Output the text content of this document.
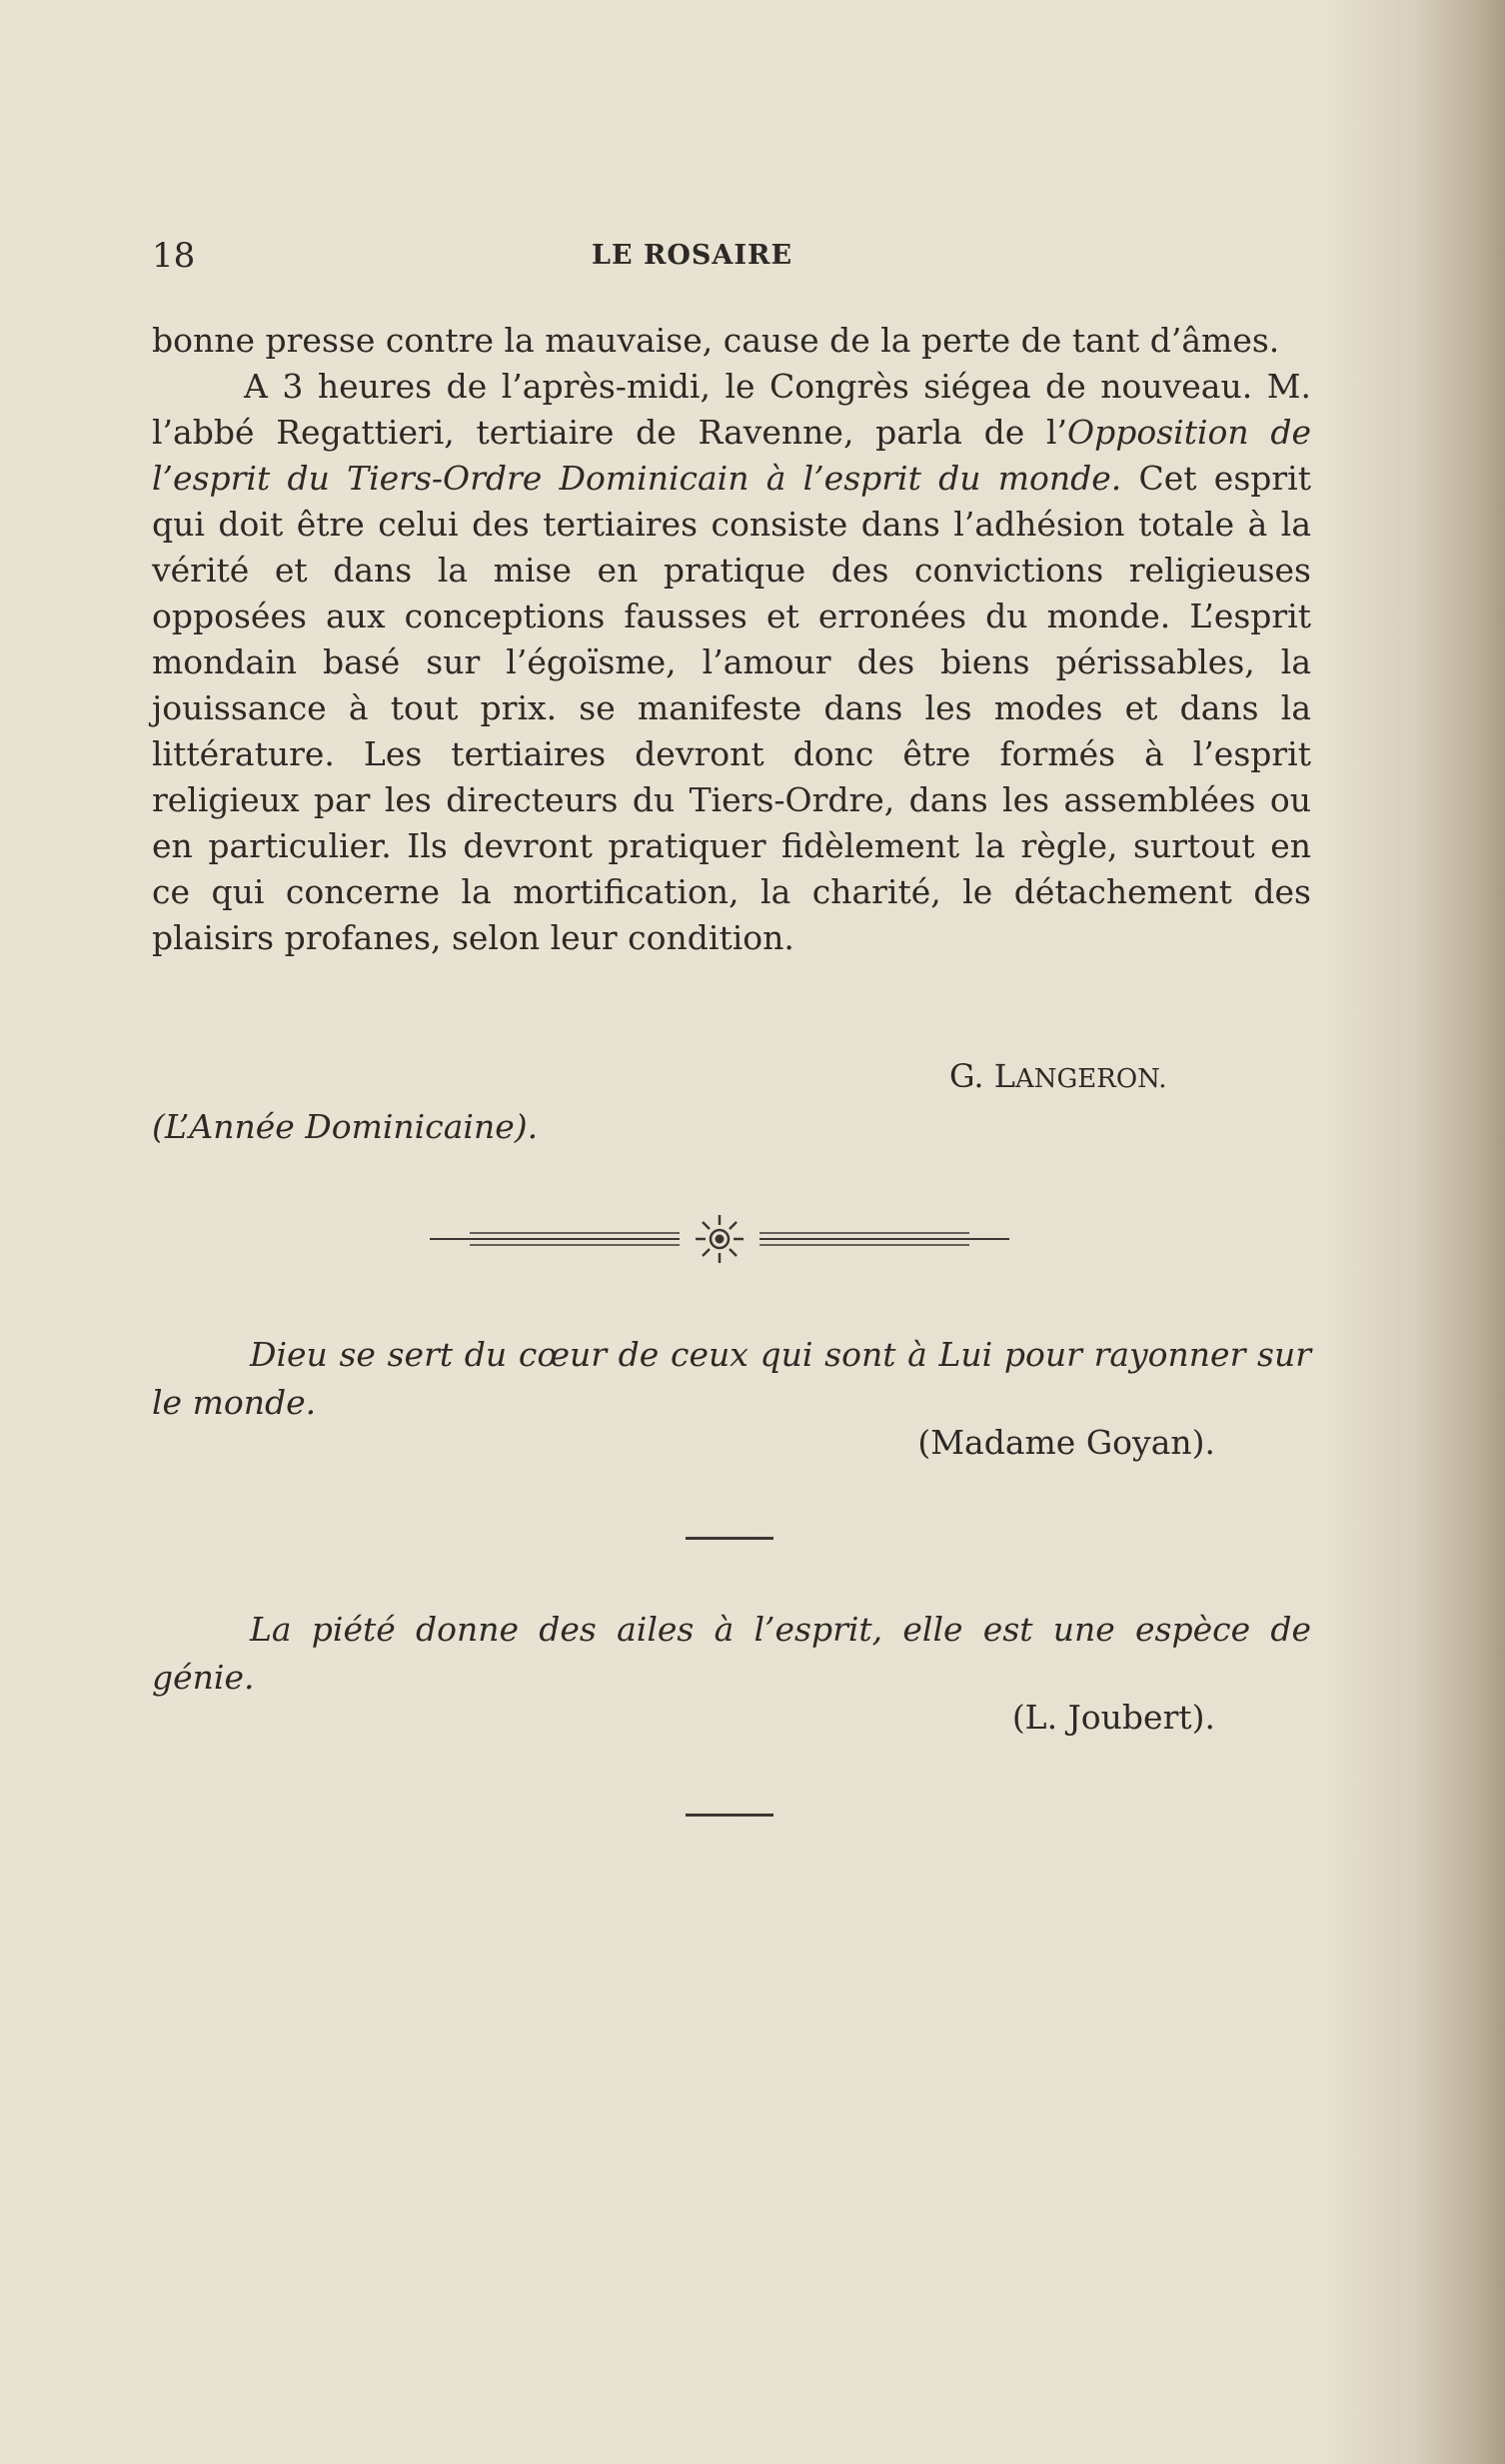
18	LE ROSAIRE

bonne presse contre la mauvaise, cause de la perte de tant d’âmes.

A 3 heures de l’après-midi, le Congrès siégea de nouveau. M. l’abbé Regattieri, tertiaire de Ravenne, parla de l’Opposition de l’esprit du Tiers-Ordre Dominicain à l’esprit du monde. Cet esprit qui doit être celui des tertiaires consiste dans l’adhésion totale à la vérité et dans la mise en pratique des convictions religieuses opposées aux conceptions fausses et erronées du monde. L’esprit mondain basé sur l’égoïsme, l’amour des biens périssables, la jouissance à tout prix. se manifeste dans les modes et dans la littérature. Les tertiaires devront donc être formés à l’esprit religieux par les directeurs du Tiers-Ordre, dans les assemblées ou en particulier. Ils devront pratiquer fidèlement la règle, surtout en ce qui concerne la mortification, la charité, le détachement des plaisirs profanes, selon leur condition.

G. LANGERON.
(L’Année Dominicaine).

Dieu se sert du cœur de ceux qui sont à Lui pour rayonner sur le monde.

(Madame Goyan).

La piété donne des ailes à l’esprit, elle est une espèce de génie.

(L. Joubert).
